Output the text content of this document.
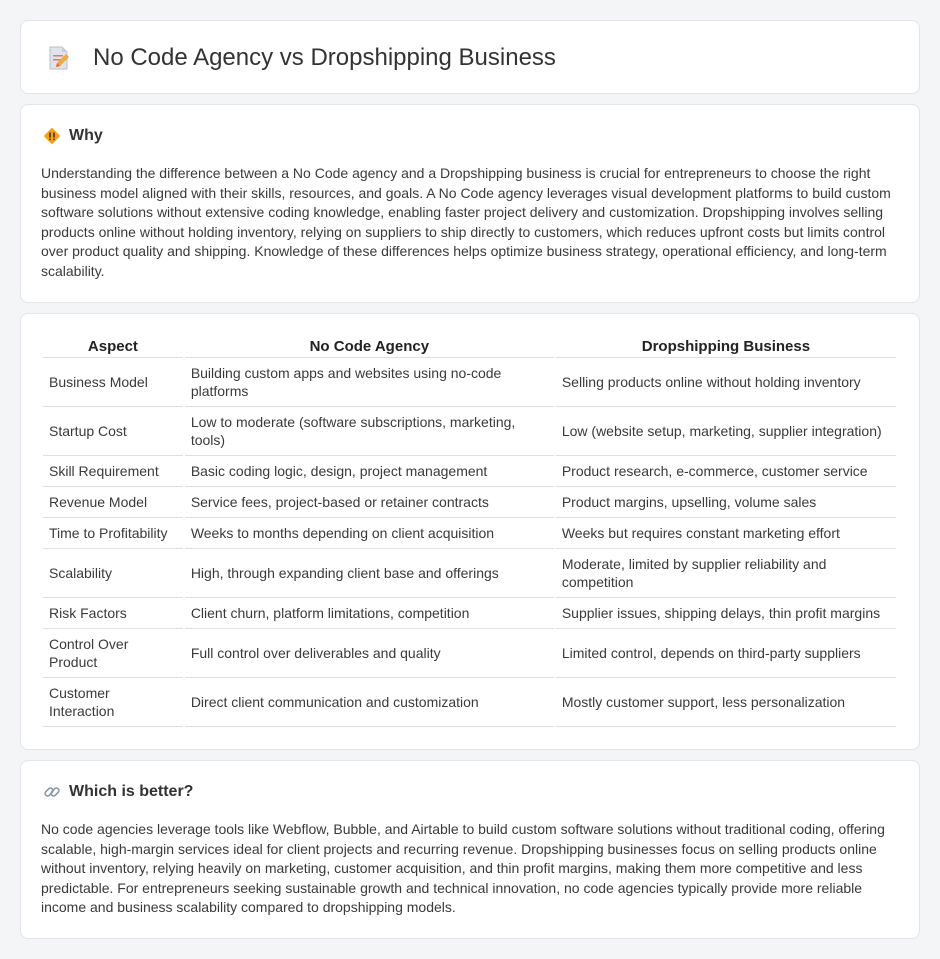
No Code Agency vs Dropshipping Business
Why

Understanding the difference between a No Code agency and a Dropshipping business is crucial for entrepreneurs to choose the right business model aligned with their skills, resources, and goals. A No Code agency leverages visual development platforms to build custom software solutions without extensive coding knowledge, enabling faster project delivery and customization. Dropshipping involves selling products online without holding inventory, relying on suppliers to ship directly to customers, which reduces upfront costs but limits control over product quality and shipping. Knowledge of these differences helps optimize business strategy, operational efficiency, and long-term scalability.

Aspect	No Code Agency	Dropshipping Business
Business Model	Building custom apps and websites using no-code platforms	Selling products online without holding inventory
Startup Cost	Low to moderate (software subscriptions, marketing, tools)	Low (website setup, marketing, supplier integration)
Skill Requirement	Basic coding logic, design, project management	Product research, e-commerce, customer service
Revenue Model	Service fees, project-based or retainer contracts	Product margins, upselling, volume sales
Time to Profitability	Weeks to months depending on client acquisition	Weeks but requires constant marketing effort
Scalability	High, through expanding client base and offerings	Moderate, limited by supplier reliability and competition
Risk Factors	Client churn, platform limitations, competition	Supplier issues, shipping delays, thin profit margins
Control Over Product	Full control over deliverables and quality	Limited control, depends on third-party suppliers
Customer Interaction	Direct client communication and customization	Mostly customer support, less personalization
Which is better?

No code agencies leverage tools like Webflow, Bubble, and Airtable to build custom software solutions without traditional coding, offering scalable, high-margin services ideal for client projects and recurring revenue. Dropshipping businesses focus on selling products online without inventory, relying heavily on marketing, customer acquisition, and thin profit margins, making them more competitive and less predictable. For entrepreneurs seeking sustainable growth and technical innovation, no code agencies typically provide more reliable income and business scalability compared to dropshipping models.
